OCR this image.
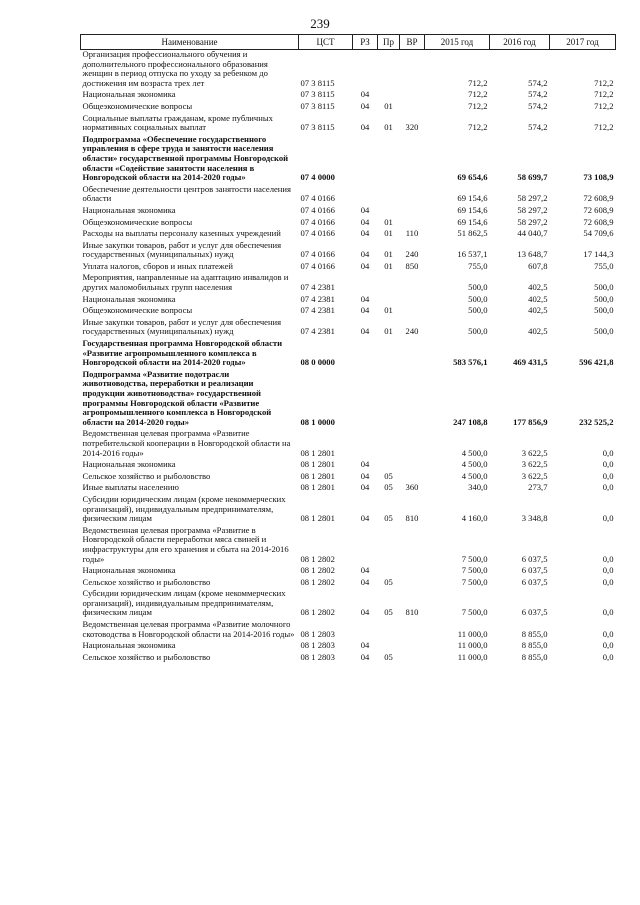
239
Наименование	ЦСТ	РЗ	Пр	ВР	2015 год	2016 год	2017 год
Организация профессионального обучения и дополнительного профессионального образования женщин в период отпуска по уходу за ребенком до достижения им возраста трех лет	07 3 8115				712,2	574,2	712,2
Национальная экономика	07 3 8115	04			712,2	574,2	712,2
Общеэкономические вопросы	07 3 8115	04	01		712,2	574,2	712,2
Социальные выплаты гражданам, кроме публичных нормативных социальных выплат	07 3 8115	04	01	320	712,2	574,2	712,2
Подпрограмма «Обеспечение государственного управления в сфере труда и занятости населения области» государственной программы Новгородской области «Содействие занятости населения в Новгородской области на 2014-2020 годы»	07 4 0000				69 654,6	58 699,7	73 108,9
Обеспечение деятельности центров занятости населения области	07 4 0166				69 154,6	58 297,2	72 608,9
Национальная экономика	07 4 0166	04			69 154,6	58 297,2	72 608,9
Общеэкономические вопросы	07 4 0166	04	01		69 154,6	58 297,2	72 608,9
Расходы на выплаты персоналу казенных учреждений	07 4 0166	04	01	110	51 862,5	44 040,7	54 709,6
Иные закупки товаров, работ и услуг для обеспечения государственных (муниципальных) нужд	07 4 0166	04	01	240	16 537,1	13 648,7	17 144,3
Уплата налогов, сборов и иных платежей	07 4 0166	04	01	850	755,0	607,8	755,0
Мероприятия, направленные на адаптацию инвалидов и других маломобильных групп населения	07 4 2381				500,0	402,5	500,0
Национальная экономика	07 4 2381	04			500,0	402,5	500,0
Общеэкономические вопросы	07 4 2381	04	01		500,0	402,5	500,0
Иные закупки товаров, работ и услуг для обеспечения государственных (муниципальных) нужд	07 4 2381	04	01	240	500,0	402,5	500,0
Государственная программа Новгородской области «Развитие агропромышленного комплекса в Новгородской области на 2014-2020 годы»	08 0 0000				583 576,1	469 431,5	596 421,8
Подпрограмма «Развитие подотрасли животноводства, переработки и реализации продукции животноводства» государственной программы Новгородской области «Развитие агропромышленного комплекса в Новгородской области на 2014-2020 годы»	08 1 0000				247 108,8	177 856,9	232 525,2
Ведомственная целевая программа «Развитие потребительской кооперации в Новгородской области на 2014-2016 годы»	08 1 2801				4 500,0	3 622,5	0,0
Национальная экономика	08 1 2801	04			4 500,0	3 622,5	0,0
Сельское хозяйство и рыболовство	08 1 2801	04	05		4 500,0	3 622,5	0,0
Иные выплаты населению	08 1 2801	04	05	360	340,0	273,7	0,0
Субсидии юридическим лицам (кроме некоммерческих организаций), индивидуальным предпринимателям, физическим лицам	08 1 2801	04	05	810	4 160,0	3 348,8	0,0
Ведомственная целевая программа «Развитие в Новгородской области переработки мяса свиней и инфраструктуры для его хранения и сбыта на 2014-2016 годы»	08 1 2802				7 500,0	6 037,5	0,0
Национальная экономика	08 1 2802	04			7 500,0	6 037,5	0,0
Сельское хозяйство и рыболовство	08 1 2802	04	05		7 500,0	6 037,5	0,0
Субсидии юридическим лицам (кроме некоммерческих организаций), индивидуальным предпринимателям, физическим лицам	08 1 2802	04	05	810	7 500,0	6 037,5	0,0
Ведомственная целевая программа «Развитие молочного скотоводства в Новгородской области на 2014-2016 годы»	08 1 2803				11 000,0	8 855,0	0,0
Национальная экономика	08 1 2803	04			11 000,0	8 855,0	0,0
Сельское хозяйство и рыболовство	08 1 2803	04	05		11 000,0	8 855,0	0,0
